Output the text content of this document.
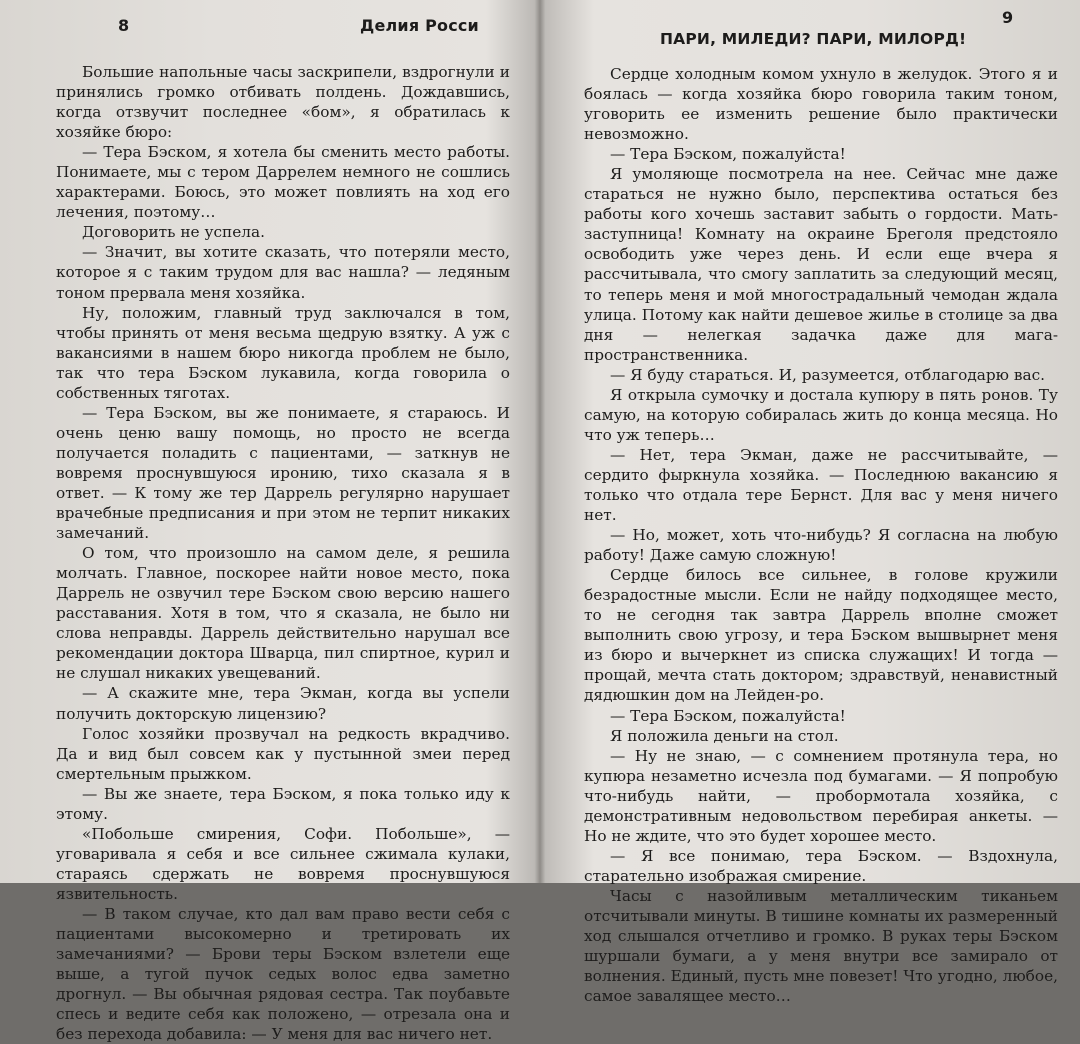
8	Делия Росси

Большие напольные часы заскрипели, вздрогнули и принялись громко отбивать полдень. Дождавшись, когда отзвучит последнее «бом», я обратилась к хозяйке бюро:

— Тера Бэском, я хотела бы сменить место работы. Понимаете, мы с тером Даррелем немного не сошлись характерами. Боюсь, это может повлиять на ход его лечения, поэтому…

Договорить не успела.

— Значит, вы хотите сказать, что потеряли место, которое я с таким трудом для вас нашла? — ледяным тоном прервала меня хозяйка.

Ну, положим, главный труд заключался в том, чтобы принять от меня весьма щедрую взятку. А уж с вакансиями в нашем бюро никогда проблем не было, так что тера Бэском лукавила, когда говорила о собственных тяготах.

— Тера Бэском, вы же понимаете, я стараюсь. И очень ценю вашу помощь, но просто не всегда получается поладить с пациентами, — заткнув не вовремя проснувшуюся иронию, тихо сказала я в ответ. — К тому же тер Даррель регулярно нарушает врачебные предписания и при этом не терпит никаких замечаний.

О том, что произошло на самом деле, я решила молчать. Главное, поскорее найти новое место, пока Даррель не озвучил тере Бэском свою версию нашего расставания. Хотя в том, что я сказала, не было ни слова неправды. Даррель действительно нарушал все рекомендации доктора Шварца, пил спиртное, курил и не слушал никаких увещеваний.

— А скажите мне, тера Экман, когда вы успели получить докторскую лицензию?

Голос хозяйки прозвучал на редкость вкрадчиво. Да и вид был совсем как у пустынной змеи перед смертельным прыжком.

— Вы же знаете, тера Бэском, я пока только иду к этому.

«Побольше смирения, Софи. Побольше», — уговаривала я себя и все сильнее сжимала кулаки, стараясь сдержать не вовремя проснувшуюся язвительность.

— В таком случае, кто дал вам право вести себя с пациентами высокомерно и третировать их замечаниями? — Брови теры Бэском взлетели еще выше, а тугой пучок седых волос едва заметно дрогнул. — Вы обычная рядовая сестра. Так поубавьте спесь и ведите себя как положено, — отрезала она и без перехода добавила: — У меня для вас ничего нет.

ПАРИ, МИЛЕДИ? ПАРИ, МИЛОРД!
9

Сердце холодным комом ухнуло в желудок. Этого я и боялась — когда хозяйка бюро говорила таким тоном, уговорить ее изменить решение было практически невозможно.

— Тера Бэском, пожалуйста!

Я умоляюще посмотрела на нее. Сейчас мне даже стараться не нужно было, перспектива остаться без работы кого хочешь заставит забыть о гордости. Мать-заступница! Комнату на окраине Бреголя предстояло освободить уже через день. И если еще вчера я рассчитывала, что смогу заплатить за следующий месяц, то теперь меня и мой многострадальный чемодан ждала улица. Потому как найти дешевое жилье в столице за два дня — нелегкая задачка даже для мага-пространственника.

— Я буду стараться. И, разумеется, отблагодарю вас.

Я открыла сумочку и достала купюру в пять ронов. Ту самую, на которую собиралась жить до конца месяца. Но что уж теперь…

— Нет, тера Экман, даже не рассчитывайте, — сердито фыркнула хозяйка. — Последнюю вакансию я только что отдала тере Бернст. Для вас у меня ничего нет.

— Но, может, хоть что-нибудь? Я согласна на любую работу! Даже самую сложную!

Сердце билось все сильнее, в голове кружили безрадостные мысли. Если не найду подходящее место, то не сегодня так завтра Даррель вполне сможет выполнить свою угрозу, и тера Бэском вышвырнет меня из бюро и вычеркнет из списка служащих! И тогда — прощай, мечта стать доктором; здравствуй, ненавистный дядюшкин дом на Лейден-ро.

— Тера Бэском, пожалуйста!

Я положила деньги на стол.

— Ну не знаю, — с сомнением протянула тера, но купюра незаметно исчезла под бумагами. — Я попробую что-нибудь найти, — пробормотала хозяйка, с демонстративным недовольством перебирая анкеты. — Но не ждите, что это будет хорошее место.

— Я все понимаю, тера Бэском. — Вздохнула, старательно изображая смирение.

Часы с назойливым металлическим тиканьем отсчитывали минуты. В тишине комнаты их размеренный ход слышался отчетливо и громко. В руках теры Бэском шуршали бумаги, а у меня внутри все замирало от волнения. Единый, пусть мне повезет! Что угодно, любое, самое завалящее место…
